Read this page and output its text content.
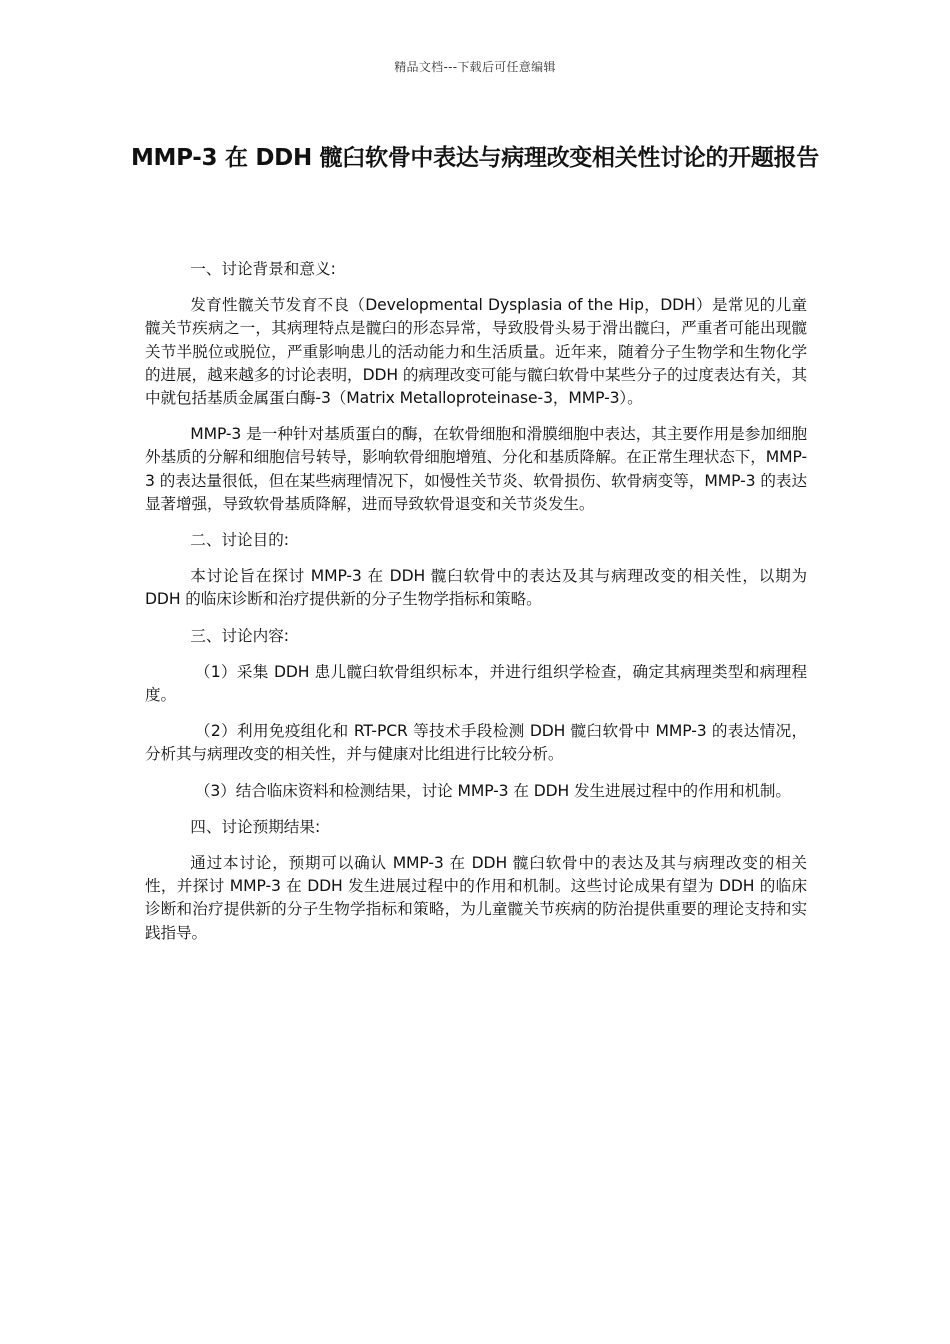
精品文档---下载后可任意编辑
MMP-3 在 DDH 髋臼软骨中表达与病理改变相关性讨论的开题报告

一、讨论背景和意义:

发育性髋关节发育不良（Developmental Dysplasia of the Hip，DDH）是常见的儿童髋关节疾病之一，其病理特点是髋臼的形态异常，导致股骨头易于滑出髋臼，严重者可能出现髋关节半脱位或脱位，严重影响患儿的活动能力和生活质量。近年来，随着分子生物学和生物化学的进展，越来越多的讨论表明，DDH 的病理改变可能与髋臼软骨中某些分子的过度表达有关，其中就包括基质金属蛋白酶-3（Matrix Metalloproteinase-3，MMP-3）。

MMP-3 是一种针对基质蛋白的酶，在软骨细胞和滑膜细胞中表达，其主要作用是参加细胞外基质的分解和细胞信号转导，影响软骨细胞增殖、分化和基质降解。在正常生理状态下，MMP-3 的表达量很低，但在某些病理情况下，如慢性关节炎、软骨损伤、软骨病变等，MMP-3 的表达显著增强，导致软骨基质降解，进而导致软骨退变和关节炎发生。

二、讨论目的:

本讨论旨在探讨 MMP-3 在 DDH 髋臼软骨中的表达及其与病理改变的相关性，以期为 DDH 的临床诊断和治疗提供新的分子生物学指标和策略。

三、讨论内容:

（1）采集 DDH 患儿髋臼软骨组织标本，并进行组织学检查，确定其病理类型和病理程度。

（2）利用免疫组化和 RT-PCR 等技术手段检测 DDH 髋臼软骨中 MMP-3 的表达情况，分析其与病理改变的相关性，并与健康对比组进行比较分析。

（3）结合临床资料和检测结果，讨论 MMP-3 在 DDH 发生进展过程中的作用和机制。

四、讨论预期结果:

通过本讨论，预期可以确认 MMP-3 在 DDH 髋臼软骨中的表达及其与病理改变的相关性，并探讨 MMP-3 在 DDH 发生进展过程中的作用和机制。这些讨论成果有望为 DDH 的临床诊断和治疗提供新的分子生物学指标和策略，为儿童髋关节疾病的防治提供重要的理论支持和实践指导。
